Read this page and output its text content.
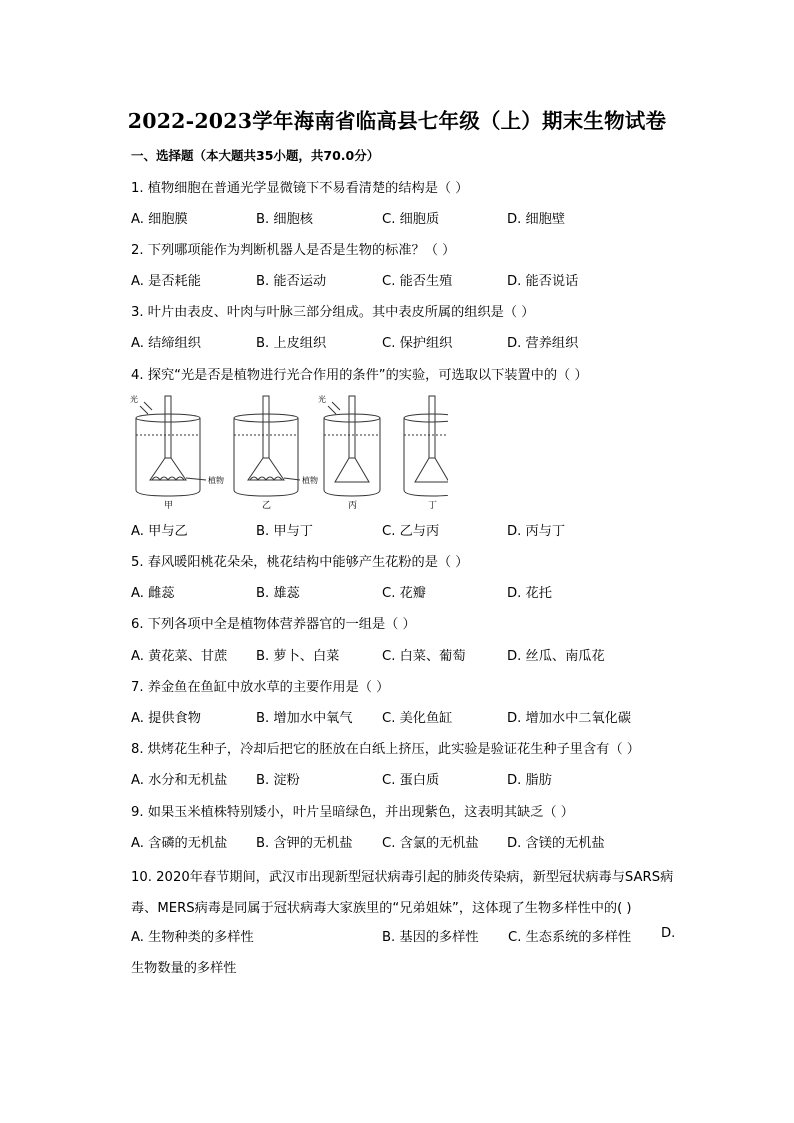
2022-2023学年海南省临高县七年级（上）期末生物试卷
一、选择题（本大题共35小题，共70.0分）
1. 植物细胞在普通光学显微镜下不易看清楚的结构是（ ）
A. 细胞膜	B. 细胞核	C. 细胞质	D. 细胞壁
2. 下列哪项能作为判断机器人是否是生物的标准？（ ）
A. 是否耗能	B. 能否运动	C. 能否生殖	D. 能否说话
3. 叶片由表皮、叶肉与叶脉三部分组成。其中表皮所属的组织是（ ）
A. 结缔组织	B. 上皮组织	C. 保护组织	D. 营养组织
4. 探究“光是否是植物进行光合作用的条件”的实验，可选取以下装置中的（ ）
光	光
植物	植物
甲	乙	丙	丁
A. 甲与乙	B. 甲与丁	C. 乙与丙	D. 丙与丁
5. 春风暖阳桃花朵朵，桃花结构中能够产生花粉的是（ ）
A. 雌蕊	B. 雄蕊	C. 花瓣	D. 花托
6. 下列各项中全是植物体营养器官的一组是（ ）
A. 黄花菜、甘蔗 B. 萝卜、白菜	C. 白菜、葡萄	D. 丝瓜、南瓜花
7. 养金鱼在鱼缸中放水草的主要作用是（ ）
A. 提供食物	B. 增加水中氧气 C. 美化鱼缸	D. 增加水中二氧化碳
8. 烘烤花生种子，冷却后把它的胚放在白纸上挤压，此实验是验证花生种子里含有（ ）
A. 水分和无机盐 B. 淀粉	C. 蛋白质	D. 脂肪
9. 如果玉米植株特别矮小，叶片呈暗绿色，并出现紫色，这表明其缺乏（ ）
A. 含磷的无机盐 B. 含钾的无机盐 C. 含氯的无机盐 D. 含镁的无机盐
10. 2020年春节期间，武汉市出现新型冠状病毒引起的肺炎传染病，新型冠状病毒与SARS病毒、MERS病毒是同属于冠状病毒大家族里的“兄弟姐妹”，这体现了生物多样性中的( )
A. 生物种类的多样性	B. 基因的多样性 C. 生态系统的多样性 D.
生物数量的多样性
